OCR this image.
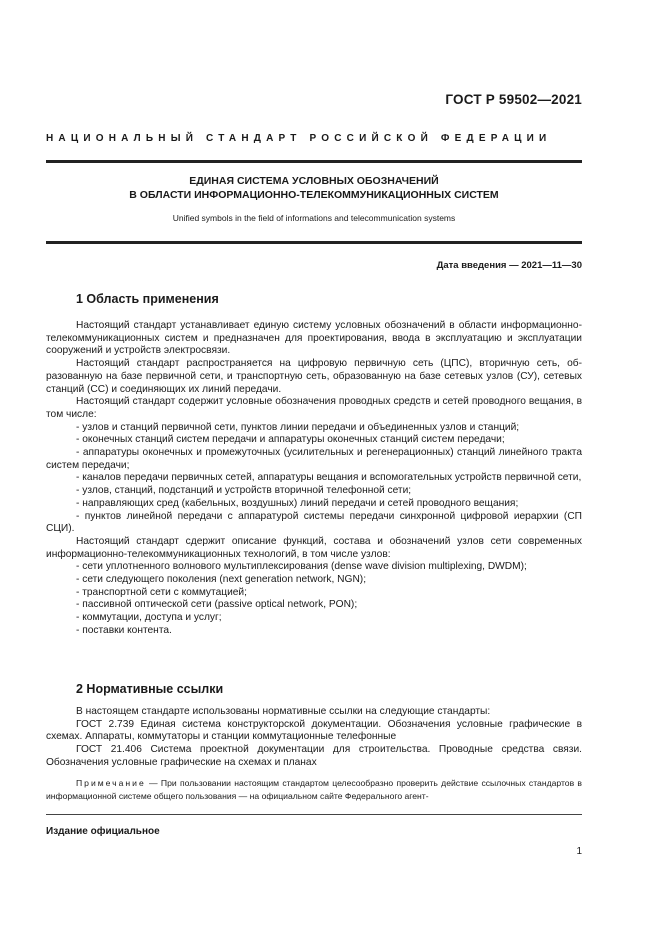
ГОСТ Р 59502—2021
НАЦИОНАЛЬНЫЙ СТАНДАРТ РОССИЙСКОЙ ФЕДЕРАЦИИ
ЕДИНАЯ СИСТЕМА УСЛОВНЫХ ОБОЗНАЧЕНИЙ
В ОБЛАСТИ ИНФОРМАЦИОННО-ТЕЛЕКОММУНИКАЦИОННЫХ СИСТЕМ
Unified symbols in the field of informations and telecommunication systems
Дата введения — 2021—11—30
1 Область применения

Настоящий стандарт устанавливает единую систему условных обозначений в области информационно-телекоммуникационных систем и предназначен для проектирования, ввода в эксплуатацию и эксплуатации сооружений и устройств электросвязи.

Настоящий стандарт распространяется на цифровую первичную сеть (ЦПС), вторичную сеть, образованную на базе первичной сети, и транспортную сеть, образованную на базе сетевых узлов (СУ), сетевых станций (СС) и соединяющих их линий передачи.

Настоящий стандарт содержит условные обозначения проводных средств и сетей проводного вещания, в том числе:

- узлов и станций первичной сети, пунктов линии передачи и объединенных узлов и станций;

- оконечных станций систем передачи и аппаратуры оконечных станций систем передачи;

- аппаратуры оконечных и промежуточных (усилительных и регенерационных) станций линейного тракта систем передачи;

- каналов передачи первичных сетей, аппаратуры вещания и вспомогательных устройств первичной сети,

- узлов, станций, подстанций и устройств вторичной телефонной сети;

- направляющих сред (кабельных, воздушных) линий передачи и сетей проводного вещания;

- пунктов линейной передачи с аппаратурой системы передачи синхронной цифровой иерархии (СП СЦИ).

Настоящий стандарт сдержит описание функций, состава и обозначений узлов сети современных информационно-телекоммуникационных технологий, в том числе узлов:

- сети уплотненного волнового мультиплексирования (dense wave division multiplexing, DWDM);

- сети следующего поколения (next generation network, NGN);

- транспортной сети с коммутацией;

- пассивной оптической сети (passive optical network, PON);

- коммутации, доступа и услуг;

- поставки контента.

2 Нормативные ссылки

В настоящем стандарте использованы нормативные ссылки на следующие стандарты:

ГОСТ 2.739 Единая система конструкторской документации. Обозначения условные графические в схемах. Аппараты, коммутаторы и станции коммутационные телефонные

ГОСТ 21.406 Система проектной документации для строительства. Проводные средства связи. Обозначения условные графические на схемах и планах

Примечание — При пользовании настоящим стандартом целесообразно проверить действие ссылочных стандартов в информационной системе общего пользования — на официальном сайте Федерального агент-

Издание официальное
1
